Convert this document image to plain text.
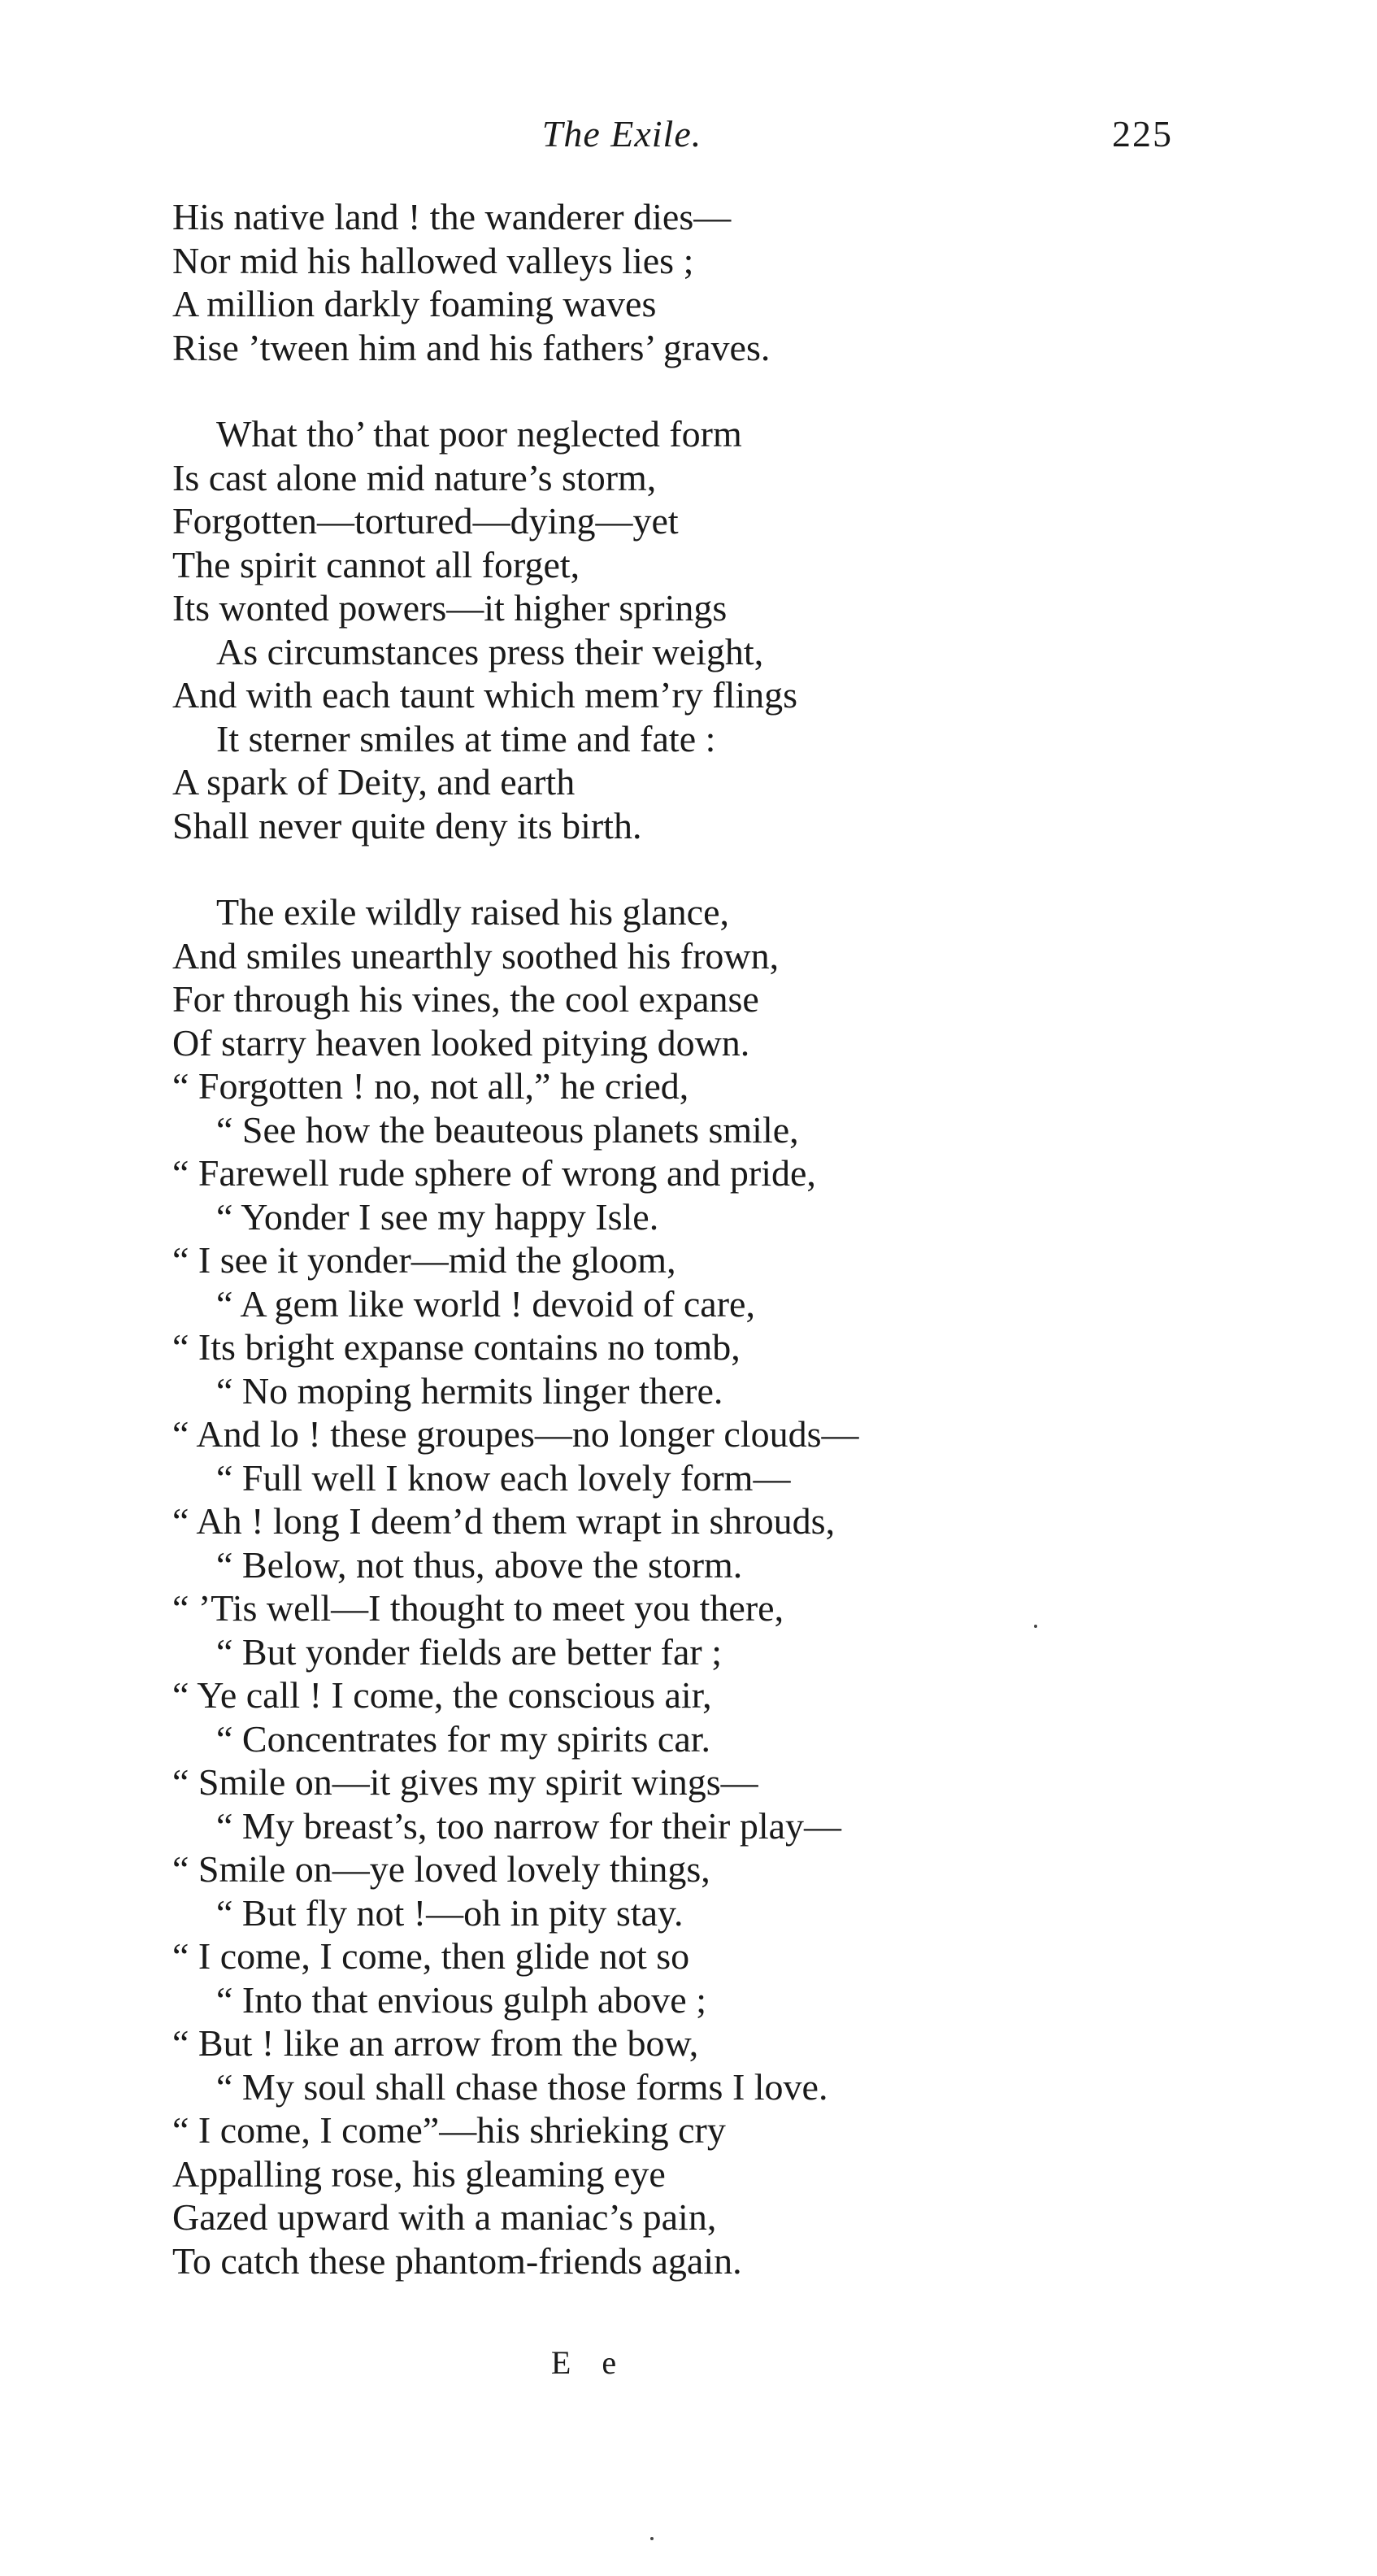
The Exile.	225
His native land ! the wanderer dies—
Nor mid his hallowed valleys lies ;
A million darkly foaming waves
Rise ’tween him and his fathers’ graves.
What tho’ that poor neglected form
Is cast alone mid nature’s storm,
Forgotten—tortured—dying—yet
The spirit cannot all forget,
Its wonted powers—it higher springs
As circumstances press their weight,
And with each taunt which mem’ry flings
It sterner smiles at time and fate :
A spark of Deity, and earth
Shall never quite deny its birth.
The exile wildly raised his glance,
And smiles unearthly soothed his frown,
For through his vines, the cool expanse
Of starry heaven looked pitying down.
“ Forgotten ! no, not all,” he cried,
“ See how the beauteous planets smile,
“ Farewell rude sphere of wrong and pride,
“ Yonder I see my happy Isle.
“ I see it yonder—mid the gloom,
“ A gem like world ! devoid of care,
“ Its bright expanse contains no tomb,
“ No moping hermits linger there.
“ And lo ! these groupes—no longer clouds—
“ Full well I know each lovely form—
“ Ah ! long I deem’d them wrapt in shrouds,
“ Below, not thus, above the storm.
“ ’Tis well—I thought to meet you there,
“ But yonder fields are better far ;
“ Ye call ! I come, the conscious air,
“ Concentrates for my spirits car.
“ Smile on—it gives my spirit wings—
“ My breast’s, too narrow for their play—
“ Smile on—ye loved lovely things,
“ But fly not !—oh in pity stay.
“ I come, I come, then glide not so
“ Into that envious gulph above ;
“ But ! like an arrow from the bow,
“ My soul shall chase those forms I love.
“ I come, I come”—his shrieking cry
Appalling rose, his gleaming eye
Gazed upward with a maniac’s pain,
To catch these phantom-friends again.
E e
